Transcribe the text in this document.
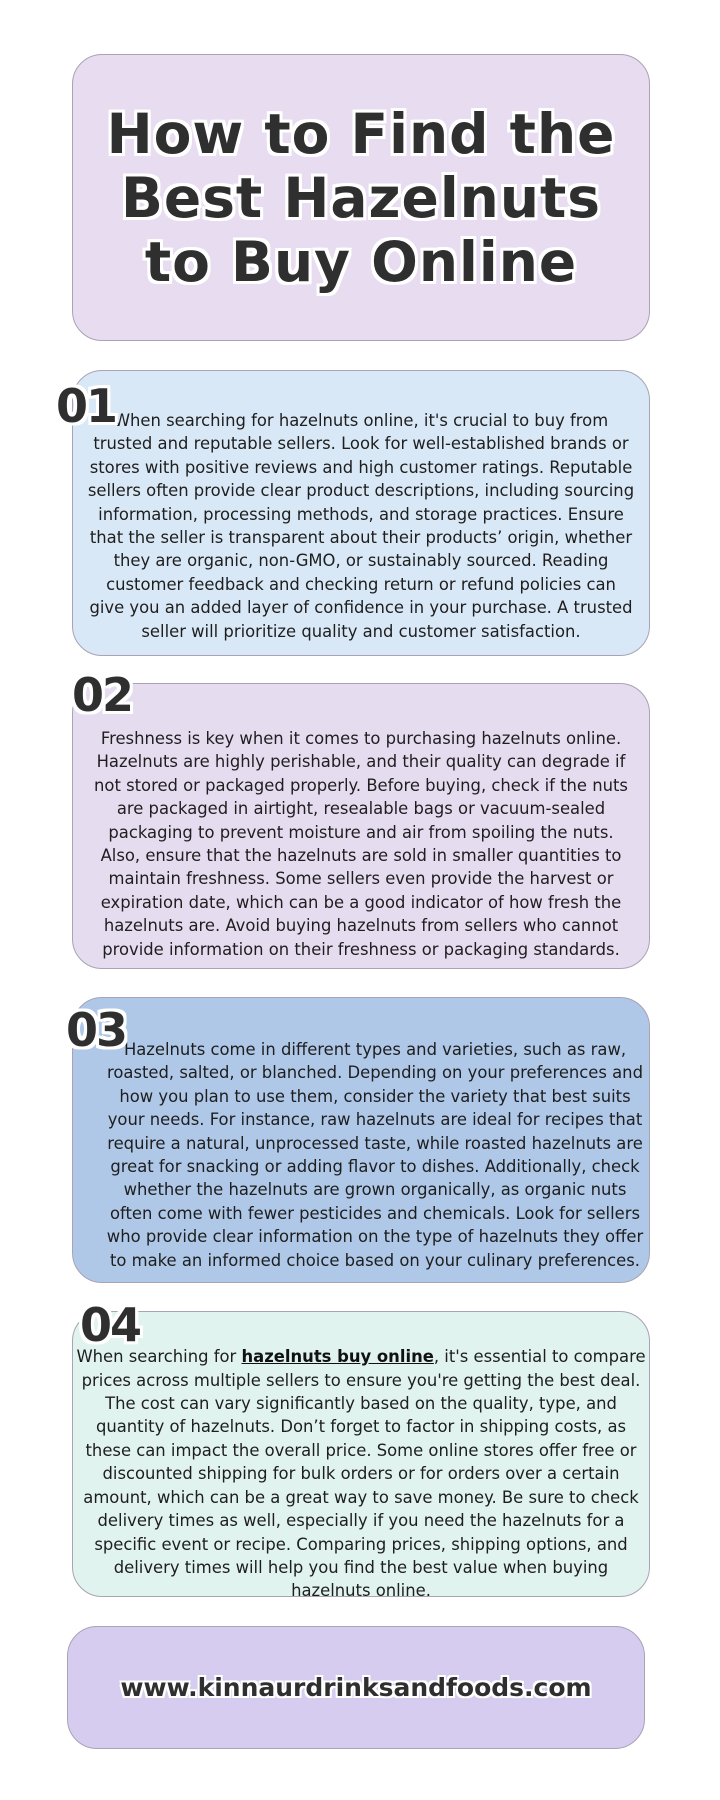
How to Find the Best Hazelnuts to Buy Online

When searching for hazelnuts online, it's crucial to buy from trusted and reputable sellers. Look for well-established brands or stores with positive reviews and high customer ratings. Reputable sellers often provide clear product descriptions, including sourcing information, processing methods, and storage practices. Ensure that the seller is transparent about their products’ origin, whether they are organic, non-GMO, or sustainably sourced. Reading customer feedback and checking return or refund policies can give you an added layer of confidence in your purchase. A trusted seller will prioritize quality and customer satisfaction.

01

Freshness is key when it comes to purchasing hazelnuts online. Hazelnuts are highly perishable, and their quality can degrade if not stored or packaged properly. Before buying, check if the nuts are packaged in airtight, resealable bags or vacuum-sealed packaging to prevent moisture and air from spoiling the nuts. Also, ensure that the hazelnuts are sold in smaller quantities to maintain freshness. Some sellers even provide the harvest or expiration date, which can be a good indicator of how fresh the hazelnuts are. Avoid buying hazelnuts from sellers who cannot provide information on their freshness or packaging standards.

02

Hazelnuts come in different types and varieties, such as raw, roasted, salted, or blanched. Depending on your preferences and how you plan to use them, consider the variety that best suits your needs. For instance, raw hazelnuts are ideal for recipes that require a natural, unprocessed taste, while roasted hazelnuts are great for snacking or adding flavor to dishes. Additionally, check whether the hazelnuts are grown organically, as organic nuts often come with fewer pesticides and chemicals. Look for sellers who provide clear information on the type of hazelnuts they offer to make an informed choice based on your culinary preferences.

03

When searching for hazelnuts buy online, it's essential to compare prices across multiple sellers to ensure you're getting the best deal. The cost can vary significantly based on the quality, type, and quantity of hazelnuts. Don’t forget to factor in shipping costs, as these can impact the overall price. Some online stores offer free or discounted shipping for bulk orders or for orders over a certain amount, which can be a great way to save money. Be sure to check delivery times as well, especially if you need the hazelnuts for a specific event or recipe. Comparing prices, shipping options, and delivery times will help you find the best value when buying hazelnuts online.

04
www.kinnaurdrinksandfoods.com
